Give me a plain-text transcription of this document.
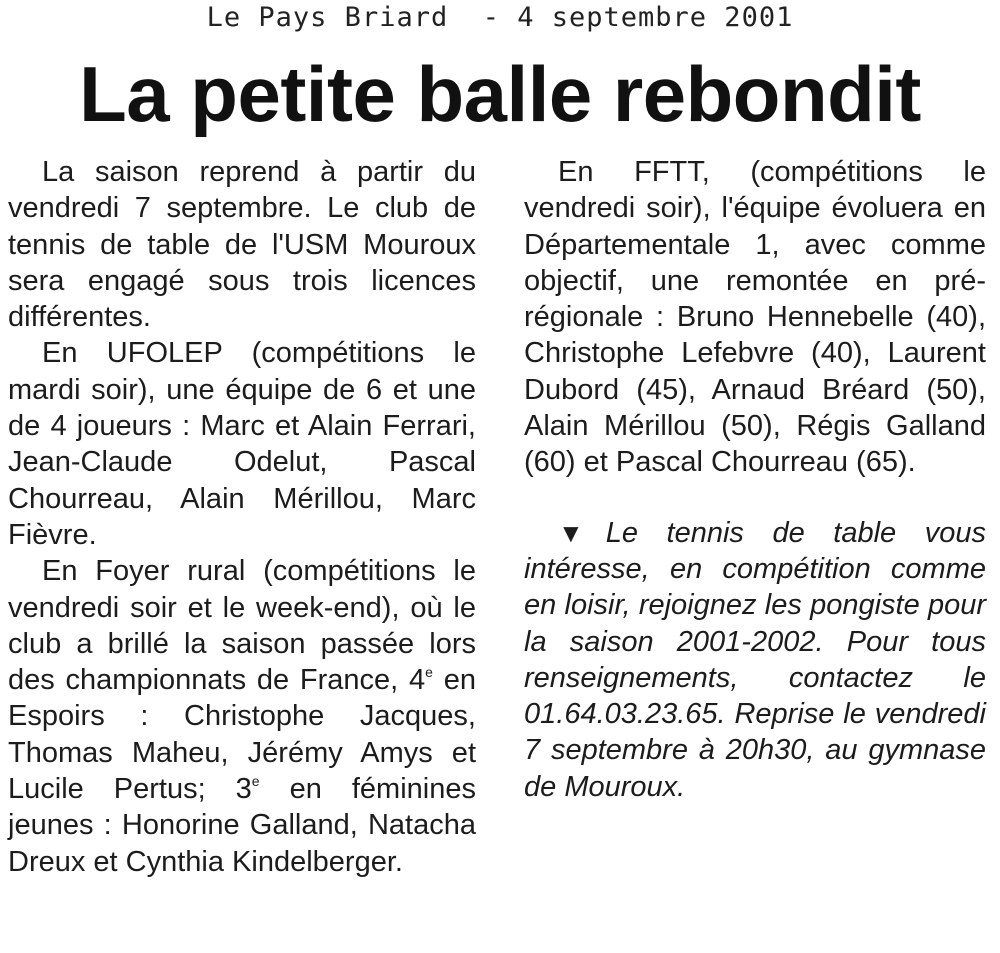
Le Pays Briard - 4 septembre 2001
La petite balle rebondit

La saison reprend à partir du vendredi 7 septembre. Le club de tennis de table de l'USM Mouroux sera engagé sous trois licences différentes.

En UFOLEP (compétitions le mardi soir), une équipe de 6 et une de 4 joueurs : Marc et Alain Ferrari, Jean-Claude Odelut, Pascal Chourreau, Alain Mérillou, Marc Fièvre.

En Foyer rural (compétitions le vendredi soir et le week-end), où le club a brillé la saison passée lors des championnats de France, 4e en Espoirs : Christophe Jacques, Thomas Maheu, Jérémy Amys et Lucile Pertus; 3e en féminines jeunes : Honorine Galland, Natacha Dreux et Cynthia Kindelberger.

En FFTT, (compétitions le vendredi soir), l'équipe évoluera en Départementale 1, avec comme objectif, une remontée en pré-régionale : Bruno Hennebelle (40), Christophe Lefebvre (40), Laurent Dubord (45), Arnaud Bréard (50), Alain Mérillou (50), Régis Galland (60) et Pascal Chourreau (65).

▼ Le tennis de table vous intéresse, en compétition comme en loisir, rejoignez les pongiste pour la saison 2001-2002. Pour tous renseignements, contactez le 01.64.03.23.65. Reprise le vendredi 7 septembre à 20h30, au gymnase de Mouroux.
